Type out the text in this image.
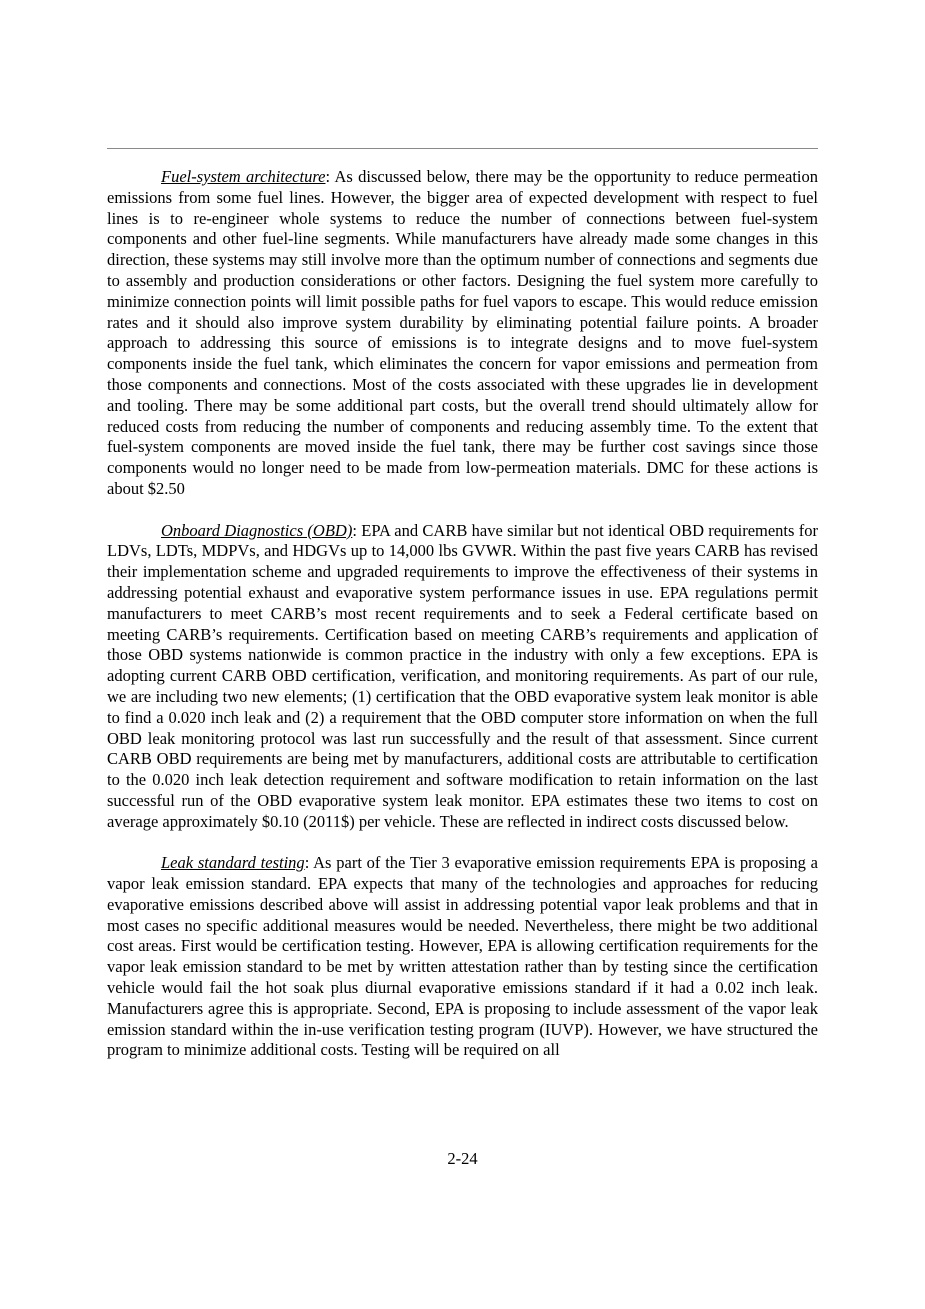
Fuel-system architecture: As discussed below, there may be the opportunity to reduce permeation emissions from some fuel lines. However, the bigger area of expected development with respect to fuel lines is to re-engineer whole systems to reduce the number of connections between fuel-system components and other fuel-line segments. While manufacturers have already made some changes in this direction, these systems may still involve more than the optimum number of connections and segments due to assembly and production considerations or other factors. Designing the fuel system more carefully to minimize connection points will limit possible paths for fuel vapors to escape. This would reduce emission rates and it should also improve system durability by eliminating potential failure points. A broader approach to addressing this source of emissions is to integrate designs and to move fuel-system components inside the fuel tank, which eliminates the concern for vapor emissions and permeation from those components and connections. Most of the costs associated with these upgrades lie in development and tooling. There may be some additional part costs, but the overall trend should ultimately allow for reduced costs from reducing the number of components and reducing assembly time. To the extent that fuel-system components are moved inside the fuel tank, there may be further cost savings since those components would no longer need to be made from low-permeation materials. DMC for these actions is about $2.50

Onboard Diagnostics (OBD): EPA and CARB have similar but not identical OBD requirements for LDVs, LDTs, MDPVs, and HDGVs up to 14,000 lbs GVWR. Within the past five years CARB has revised their implementation scheme and upgraded requirements to improve the effectiveness of their systems in addressing potential exhaust and evaporative system performance issues in use. EPA regulations permit manufacturers to meet CARB’s most recent requirements and to seek a Federal certificate based on meeting CARB’s requirements. Certification based on meeting CARB’s requirements and application of those OBD systems nationwide is common practice in the industry with only a few exceptions. EPA is adopting current CARB OBD certification, verification, and monitoring requirements. As part of our rule, we are including two new elements; (1) certification that the OBD evaporative system leak monitor is able to find a 0.020 inch leak and (2) a requirement that the OBD computer store information on when the full OBD leak monitoring protocol was last run successfully and the result of that assessment. Since current CARB OBD requirements are being met by manufacturers, additional costs are attributable to certification to the 0.020 inch leak detection requirement and software modification to retain information on the last successful run of the OBD evaporative system leak monitor. EPA estimates these two items to cost on average approximately $0.10 (2011$) per vehicle. These are reflected in indirect costs discussed below.

Leak standard testing: As part of the Tier 3 evaporative emission requirements EPA is proposing a vapor leak emission standard. EPA expects that many of the technologies and approaches for reducing evaporative emissions described above will assist in addressing potential vapor leak problems and that in most cases no specific additional measures would be needed. Nevertheless, there might be two additional cost areas. First would be certification testing. However, EPA is allowing certification requirements for the vapor leak emission standard to be met by written attestation rather than by testing since the certification vehicle would fail the hot soak plus diurnal evaporative emissions standard if it had a 0.02 inch leak. Manufacturers agree this is appropriate. Second, EPA is proposing to include assessment of the vapor leak emission standard within the in-use verification testing program (IUVP). However, we have structured the program to minimize additional costs. Testing will be required on all

2-24
